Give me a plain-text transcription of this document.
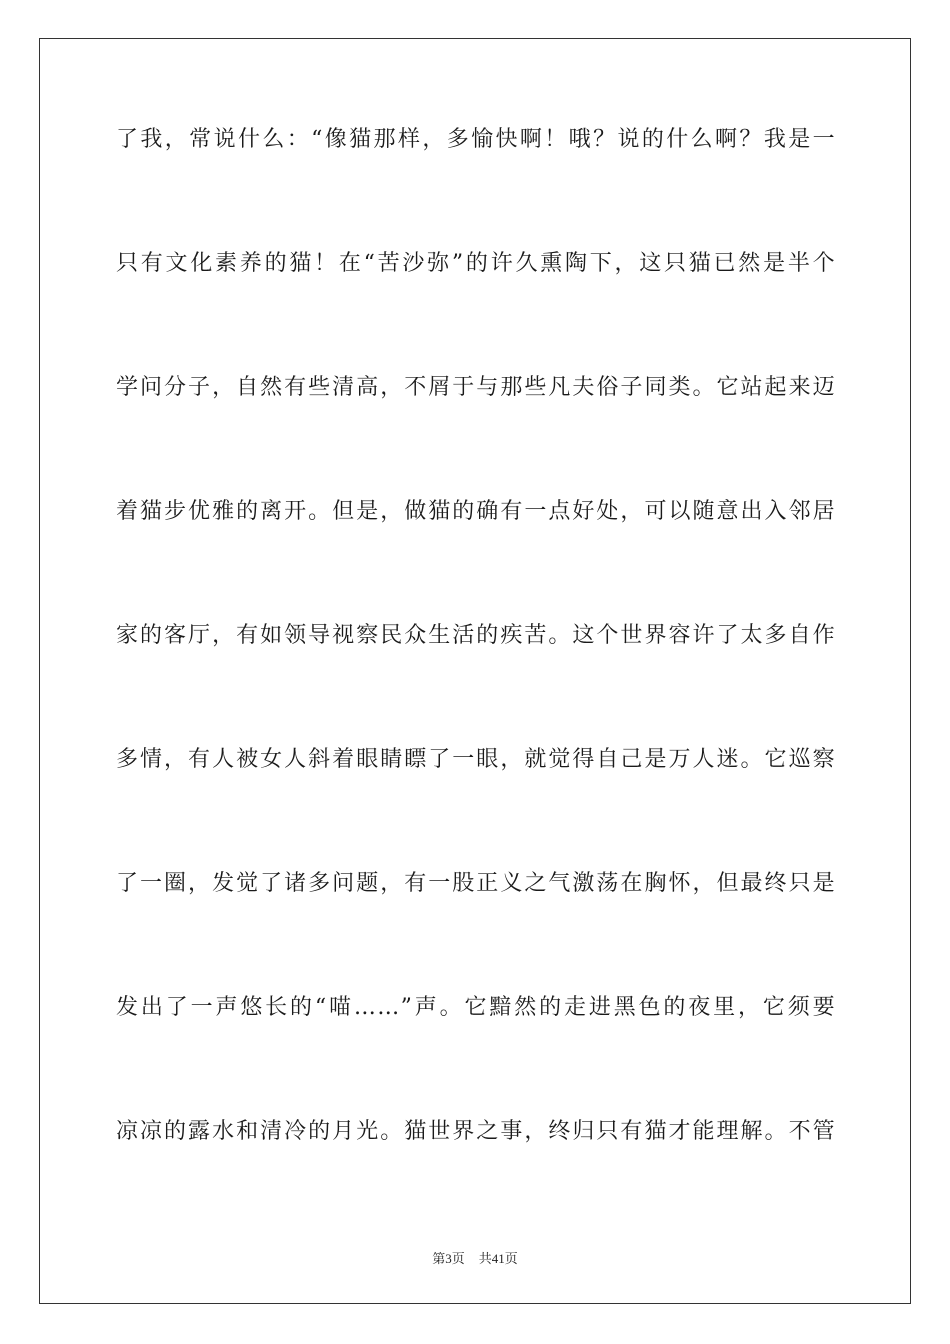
了我，常说什么：“像猫那样，多愉快啊！哦？说的什么啊？我是一
只有文化素养的猫！在“苦沙弥”的许久熏陶下，这只猫已然是半个
学问分子，自然有些清高，不屑于与那些凡夫俗子同类。它站起来迈
着猫步优雅的离开。但是，做猫的确有一点好处，可以随意出入邻居
家的客厅，有如领导视察民众生活的疾苦。这个世界容许了太多自作
多情，有人被女人斜着眼睛瞟了一眼，就觉得自己是万人迷。它巡察
了一圈，发觉了诸多问题，有一股正义之气激荡在胸怀，但最终只是
发出了一声悠长的“喵……”声。它黯然的走进黑色的夜里，它须要
凉凉的露水和清冷的月光。猫世界之事，终归只有猫才能理解。不管
第3页 共41页
